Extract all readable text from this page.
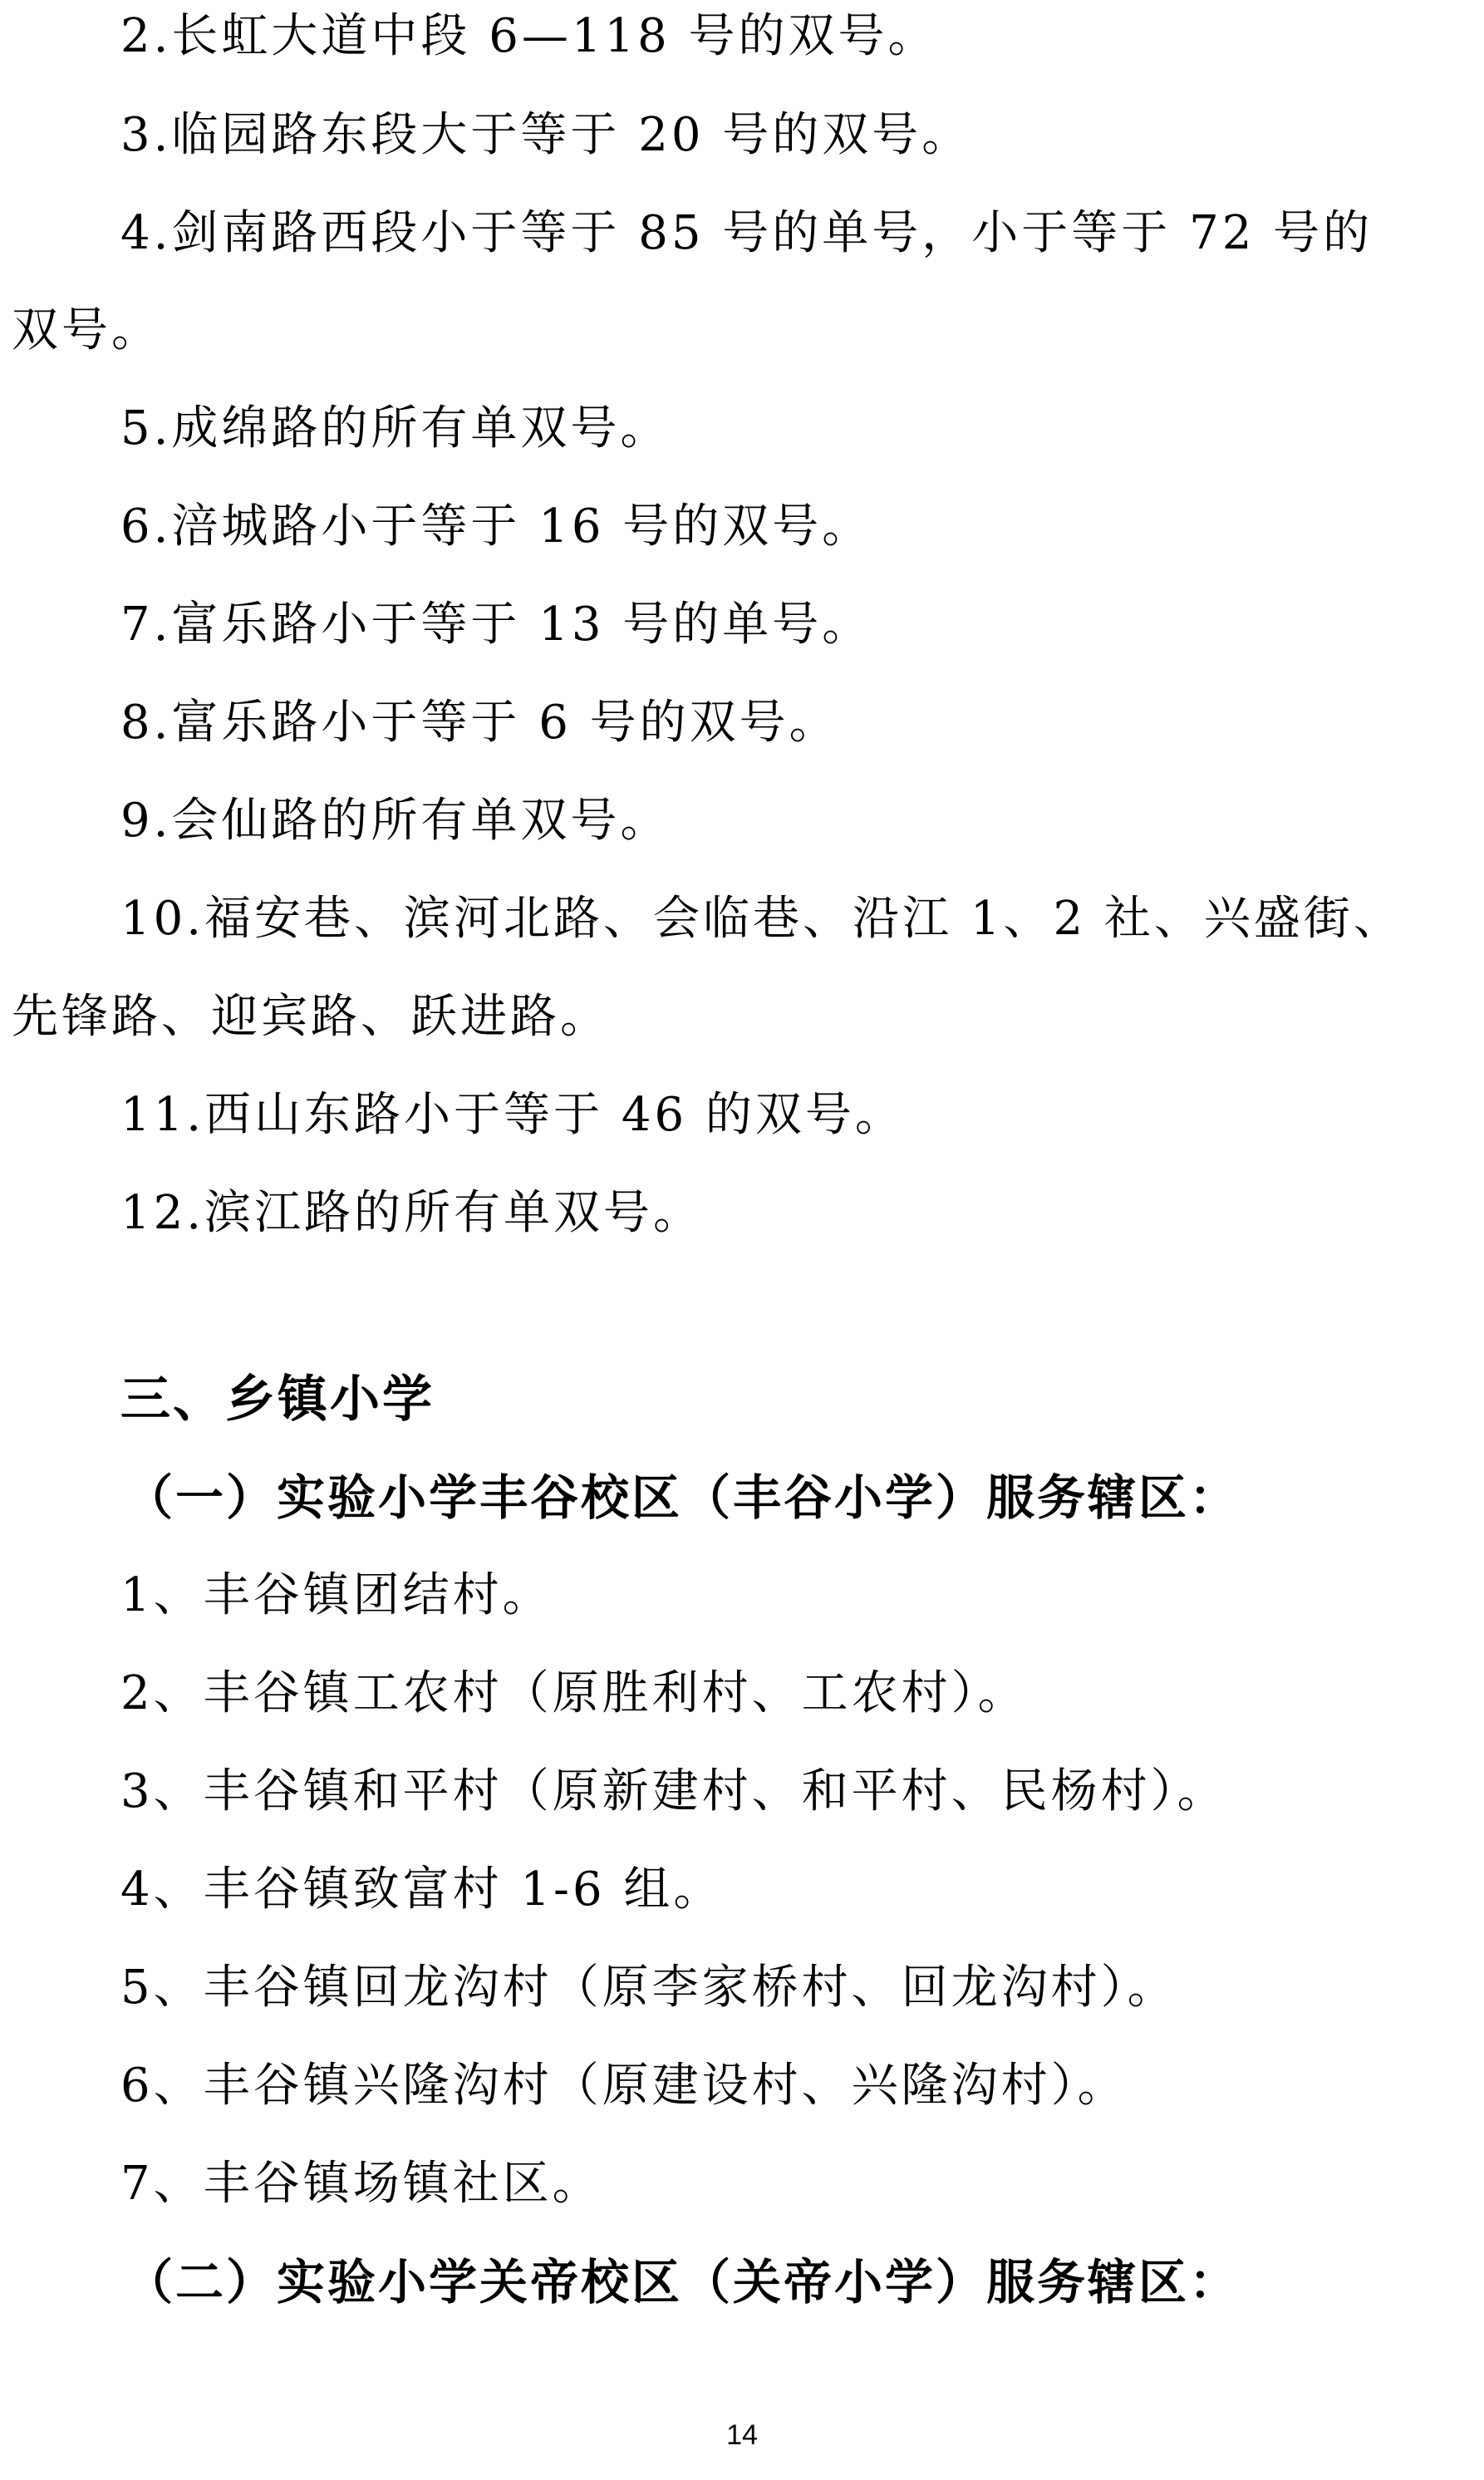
2.长虹大道中段 6—118 号的双号。
3.临园路东段大于等于 20 号的双号。
4.剑南路西段小于等于 85 号的单号，小于等于 72 号的
双号。
5.成绵路的所有单双号。
6.涪城路小于等于 16 号的双号。
7.富乐路小于等于 13 号的单号。
8.富乐路小于等于 6 号的双号。
9.会仙路的所有单双号。
10.福安巷、滨河北路、会临巷、沿江 1、2 社、兴盛街、
先锋路、迎宾路、跃进路。
11.西山东路小于等于 46 的双号。
12.滨江路的所有单双号。
三、乡镇小学
（一）实验小学丰谷校区（丰谷小学）服务辖区：
1、丰谷镇团结村。
2、丰谷镇工农村（原胜利村、工农村）。
3、丰谷镇和平村（原新建村、和平村、民杨村）。
4、丰谷镇致富村 1-6 组。
5、丰谷镇回龙沟村（原李家桥村、回龙沟村）。
6、丰谷镇兴隆沟村（原建设村、兴隆沟村）。
7、丰谷镇场镇社区。
（二）实验小学关帝校区（关帝小学）服务辖区：
14
